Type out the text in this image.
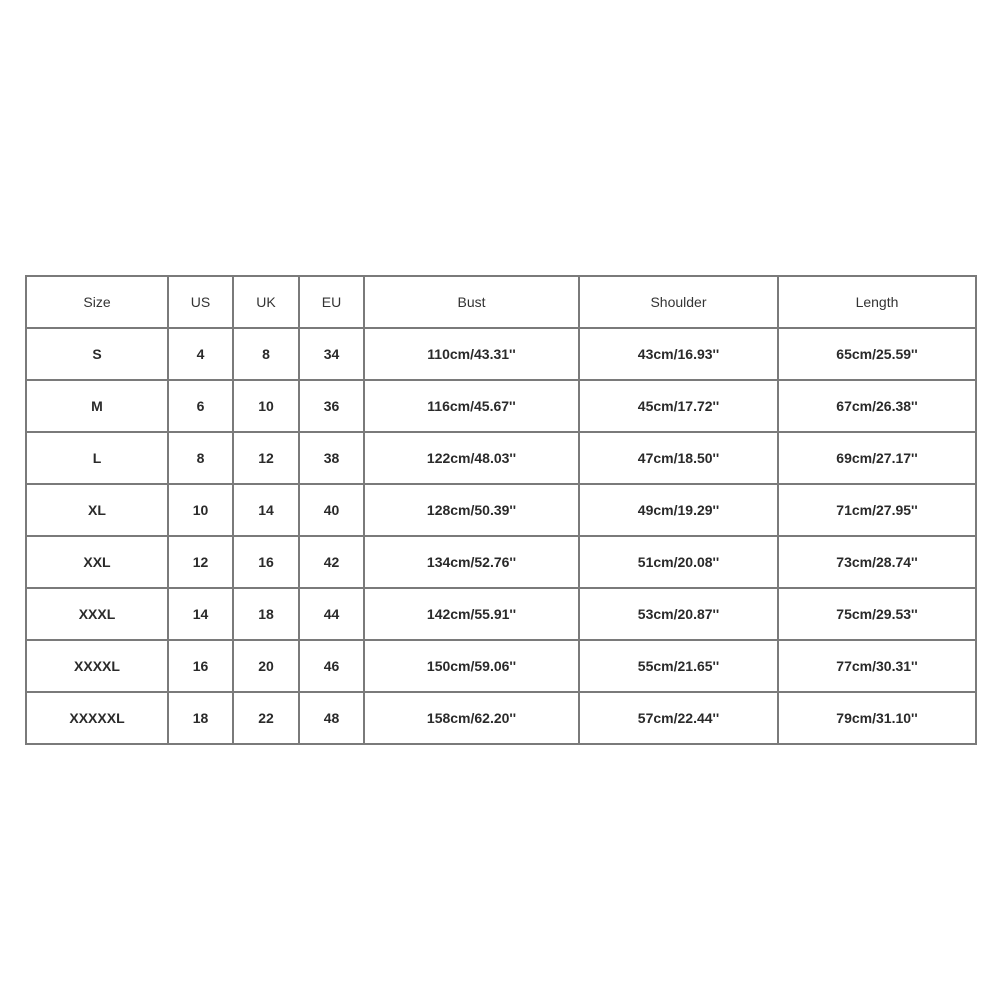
Size	US	UK	EU	Bust	Shoulder	Length
S	4	8	34	110cm/43.31''	43cm/16.93''	65cm/25.59''
M	6	10	36	116cm/45.67''	45cm/17.72''	67cm/26.38''
L	8	12	38	122cm/48.03''	47cm/18.50''	69cm/27.17''
XL	10	14	40	128cm/50.39''	49cm/19.29''	71cm/27.95''
XXL	12	16	42	134cm/52.76''	51cm/20.08''	73cm/28.74''
XXXL	14	18	44	142cm/55.91''	53cm/20.87''	75cm/29.53''
XXXXL	16	20	46	150cm/59.06''	55cm/21.65''	77cm/30.31''
XXXXXL	18	22	48	158cm/62.20''	57cm/22.44''	79cm/31.10''
